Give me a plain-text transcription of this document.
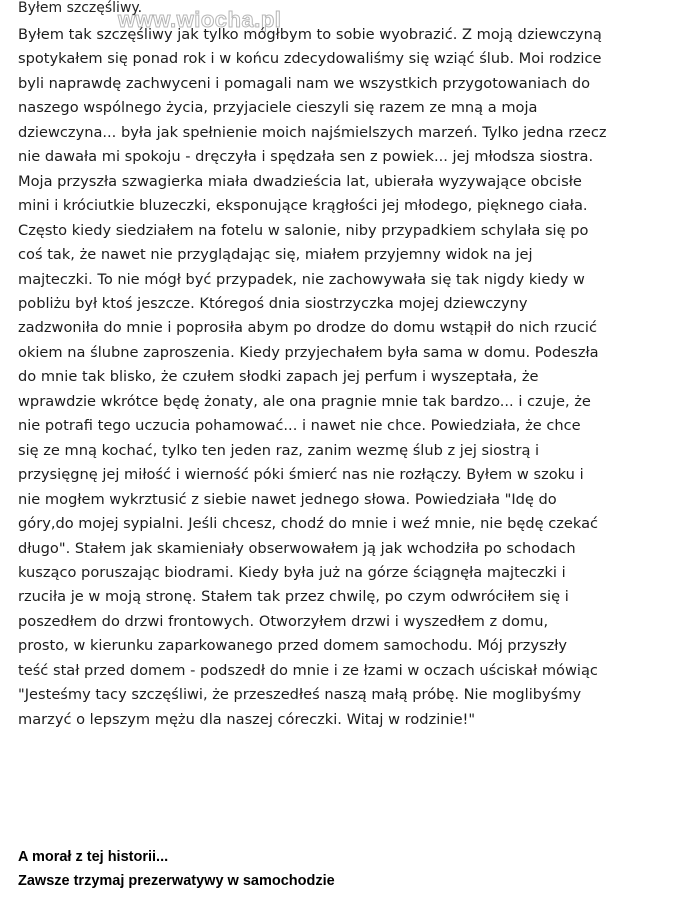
Byłem szczęśliwy.
www.wiocha.pl
Byłem tak szczęśliwy jak tylko mógłbym to sobie wyobrazić. Z moją dziewczyną
spotykałem się ponad rok i w końcu zdecydowaliśmy się wziąć ślub. Moi rodzice
byli naprawdę zachwyceni i pomagali nam we wszystkich przygotowaniach do
naszego wspólnego życia, przyjaciele cieszyli się razem ze mną a moja
dziewczyna... była jak spełnienie moich najśmielszych marzeń. Tylko jedna rzecz
nie dawała mi spokoju - dręczyła i spędzała sen z powiek... jej młodsza siostra.
Moja przyszła szwagierka miała dwadzieścia lat, ubierała wyzywające obcisłe
mini i króciutkie bluzeczki, eksponujące krągłości jej młodego, pięknego ciała.
Często kiedy siedziałem na fotelu w salonie, niby przypadkiem schylała się po
coś tak, że nawet nie przyglądając się, miałem przyjemny widok na jej
majteczki. To nie mógł być przypadek, nie zachowywała się tak nigdy kiedy w
pobliżu był ktoś jeszcze. Któregoś dnia siostrzyczka mojej dziewczyny
zadzwoniła do mnie i poprosiła abym po drodze do domu wstąpił do nich rzucić
okiem na ślubne zaproszenia. Kiedy przyjechałem była sama w domu. Podeszła
do mnie tak blisko, że czułem słodki zapach jej perfum i wyszeptała, że
wprawdzie wkrótce będę żonaty, ale ona pragnie mnie tak bardzo... i czuje, że
nie potrafi tego uczucia pohamować... i nawet nie chce. Powiedziała, że chce
się ze mną kochać, tylko ten jeden raz, zanim wezmę ślub z jej siostrą i
przysięgnę jej miłość i wierność póki śmierć nas nie rozłączy. Byłem w szoku i
nie mogłem wykrztusić z siebie nawet jednego słowa. Powiedziała "Idę do
góry,do mojej sypialni. Jeśli chcesz, chodź do mnie i weź mnie, nie będę czekać
długo". Stałem jak skamieniały obserwowałem ją jak wchodziła po schodach
kusząco poruszając biodrami. Kiedy była już na górze ściągnęła majteczki i
rzuciła je w moją stronę. Stałem tak przez chwilę, po czym odwróciłem się i
poszedłem do drzwi frontowych. Otworzyłem drzwi i wyszedłem z domu,
prosto, w kierunku zaparkowanego przed domem samochodu. Mój przyszły
teść stał przed domem - podszedł do mnie i ze łzami w oczach uściskał mówiąc
"Jesteśmy tacy szczęśliwi, że przeszedłeś naszą małą próbę. Nie moglibyśmy
marzyć o lepszym mężu dla naszej córeczki. Witaj w rodzinie!"
A morał z tej historii...
Zawsze trzymaj prezerwatywy w samochodzie
